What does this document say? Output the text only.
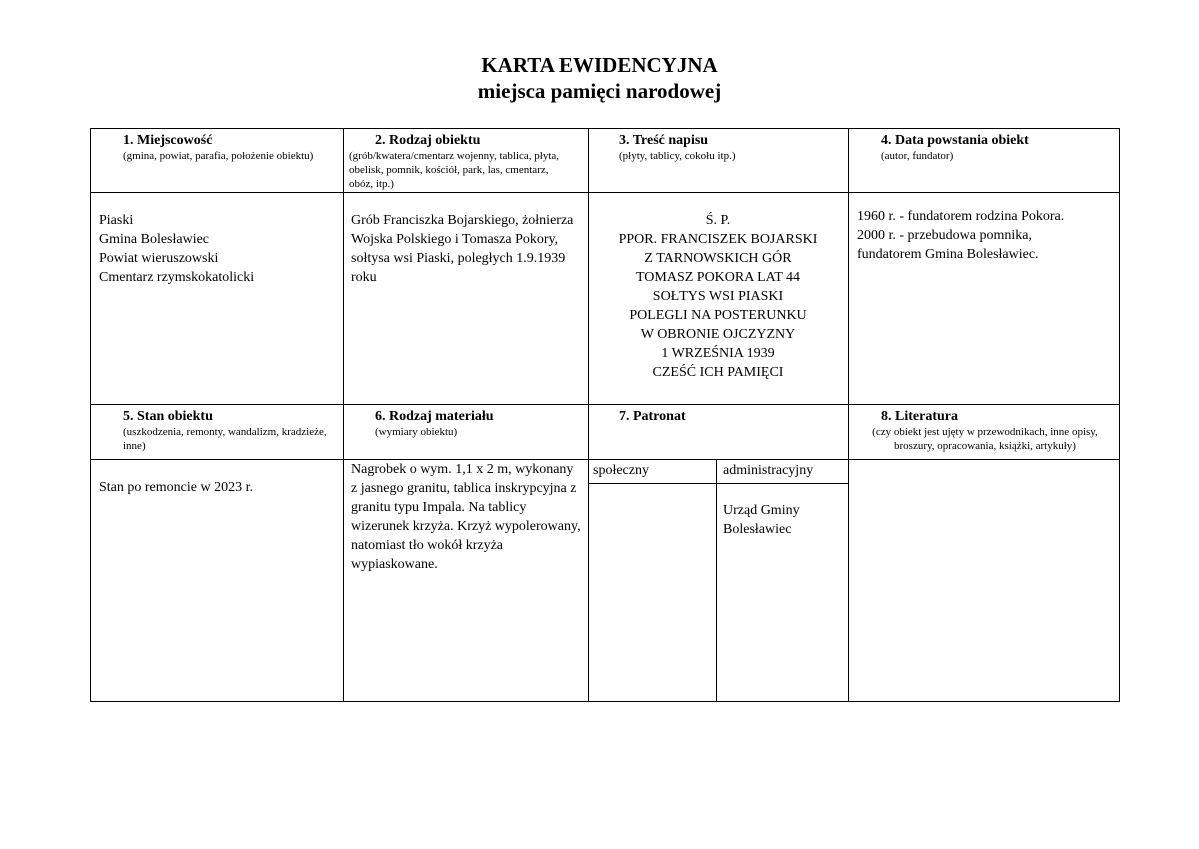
KARTA EWIDENCYJNA
miejsca pamięci narodowej
1. Miejscowość
(gmina, powiat, parafia, położenie obiektu)
2. Rodzaj obiektu
(grób/kwatera/cmentarz wojenny, tablica, płyta, obelisk, pomnik, kościół, park, las, cmentarz, obóz, itp.)
3. Treść napisu
(płyty, tablicy, cokołu itp.)
4. Data powstania obiekt
(autor, fundator)
Piaski
Gmina Bolesławiec
Powiat wieruszowski
Cmentarz rzymskokatolicki
Grób Franciszka Bojarskiego, żołnierza Wojska Polskiego i Tomasza Pokory, sołtysa wsi Piaski, poległych 1.9.1939 roku
Ś. P.
PPOR. FRANCISZEK BOJARSKI
Z TARNOWSKICH GÓR
TOMASZ POKORA LAT 44
SOŁTYS WSI PIASKI
POLEGLI NA POSTERUNKU
W OBRONIE OJCZYZNY
1 WRZEŚNIA 1939
CZEŚĆ ICH PAMIĘCI
1960 r. - fundatorem rodzina Pokora.
2000 r. - przebudowa pomnika,
fundatorem Gmina Bolesławiec.
5. Stan obiektu
(uszkodzenia, remonty, wandalizm, kradzieże, inne)
6. Rodzaj materiału
(wymiary obiektu)
7. Patronat	8. Literatura
(czy obiekt jest ujęty w przewodnikach, inne opisy, broszury, opracowania, książki, artykuły)
Stan po remoncie w 2023 r.
Nagrobek o wym. 1,1 x 2 m, wykonany z jasnego granitu, tablica inskrypcyjna z granitu typu Impala. Na tablicy wizerunek krzyża. Krzyż wypolerowany, natomiast tło wokół krzyża wypiaskowane.
społeczny	administracyjny
Urząd Gminy Bolesławiec
